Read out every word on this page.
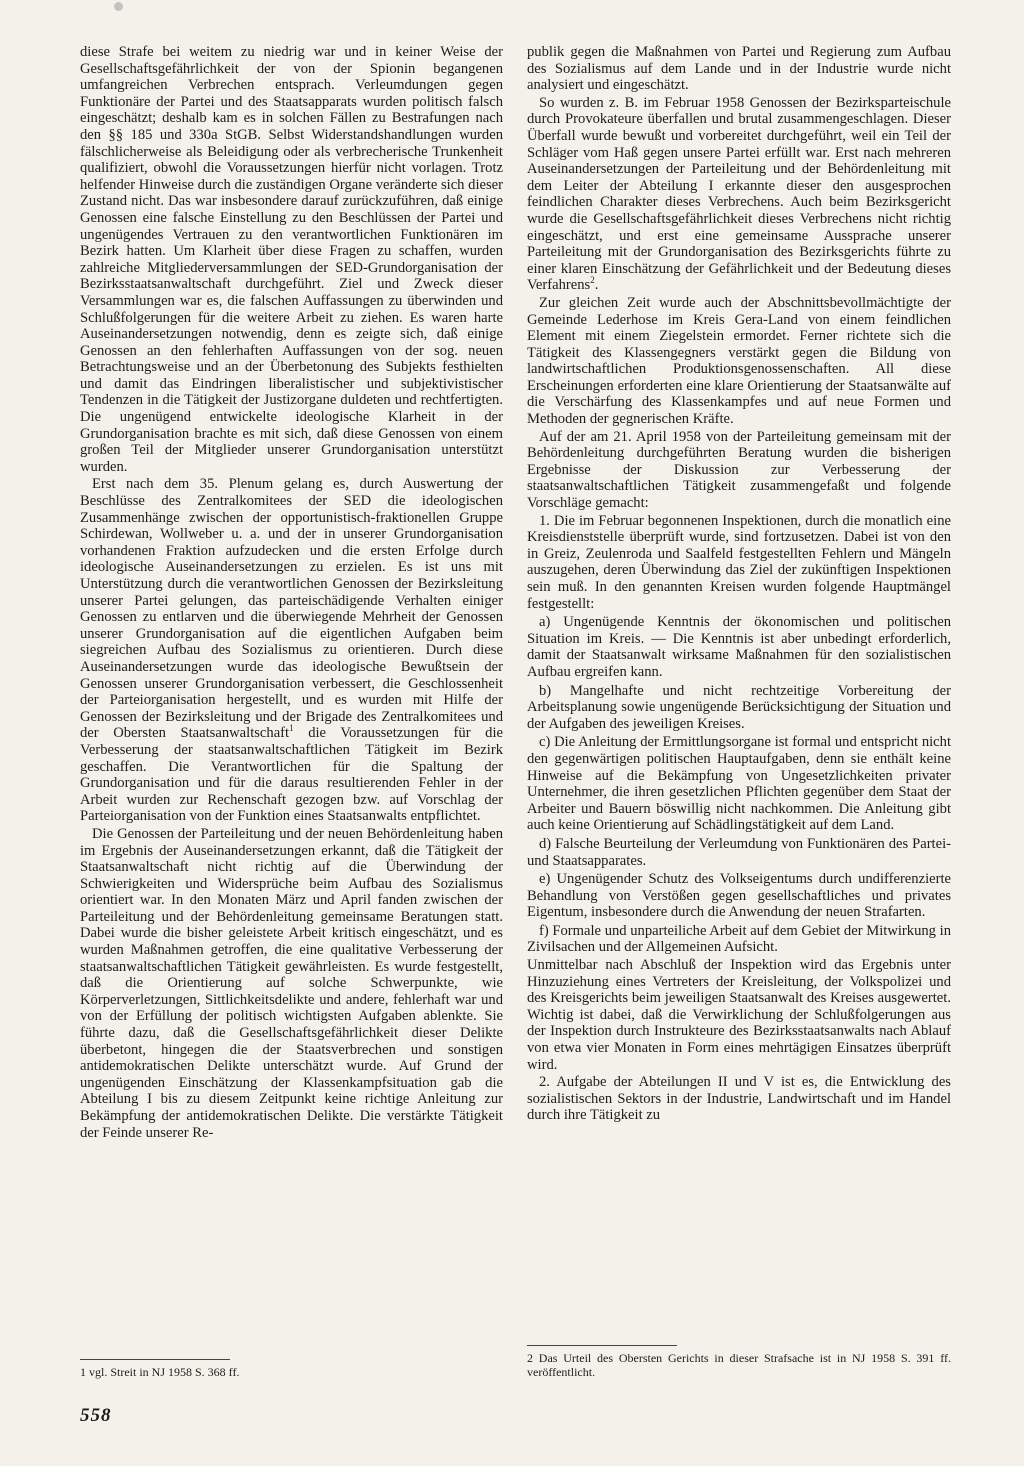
diese Strafe bei weitem zu niedrig war und in keiner Weise der Gesellschaftsgefährlichkeit der von der Spionin begangenen umfangreichen Verbrechen entsprach. Verleumdungen gegen Funktionäre der Partei und des Staatsapparats wurden politisch falsch eingeschätzt; deshalb kam es in solchen Fällen zu Bestrafungen nach den §§ 185 und 330a StGB. Selbst Widerstandshandlungen wurden fälschlicherweise als Beleidigung oder als verbrecherische Trunkenheit qualifiziert, obwohl die Voraussetzungen hierfür nicht vorlagen. Trotz helfender Hinweise durch die zuständigen Organe veränderte sich dieser Zustand nicht. Das war insbesondere darauf zurückzuführen, daß einige Genossen eine falsche Einstellung zu den Beschlüssen der Partei und ungenügendes Vertrauen zu den verantwortlichen Funktionären im Bezirk hatten. Um Klarheit über diese Fragen zu schaffen, wurden zahlreiche Mitgliederversammlungen der SED-Grundorganisation der Bezirksstaatsanwaltschaft durchgeführt. Ziel und Zweck dieser Versammlungen war es, die falschen Auffassungen zu überwinden und Schlußfolgerungen für die weitere Arbeit zu ziehen. Es waren harte Auseinandersetzungen notwendig, denn es zeigte sich, daß einige Genossen an den fehlerhaften Auffassungen von der sog. neuen Betrachtungsweise und an der Überbetonung des Subjekts festhielten und damit das Eindringen liberalistischer und subjektivistischer Tendenzen in die Tätigkeit der Justizorgane duldeten und rechtfertigten. Die ungenügend entwickelte ideologische Klarheit in der Grundorganisation brachte es mit sich, daß diese Genossen von einem großen Teil der Mitglieder unserer Grundorganisation unterstützt wurden.

Erst nach dem 35. Plenum gelang es, durch Auswertung der Beschlüsse des Zentralkomitees der SED die ideologischen Zusammenhänge zwischen der opportunistisch-fraktionellen Gruppe Schirdewan, Wollweber u. a. und der in unserer Grundorganisation vorhandenen Fraktion aufzudecken und die ersten Erfolge durch ideologische Auseinandersetzungen zu erzielen. Es ist uns mit Unterstützung durch die verantwortlichen Genossen der Bezirksleitung unserer Partei gelungen, das parteischädigende Verhalten einiger Genossen zu entlarven und die überwiegende Mehrheit der Genossen unserer Grundorganisation auf die eigentlichen Aufgaben beim siegreichen Aufbau des Sozialismus zu orientieren. Durch diese Auseinandersetzungen wurde das ideologische Bewußtsein der Genossen unserer Grundorganisation verbessert, die Geschlossenheit der Parteiorganisation hergestellt, und es wurden mit Hilfe der Genossen der Bezirksleitung und der Brigade des Zentralkomitees und der Obersten Staatsanwaltschaft$^1$ die Voraussetzungen für die Verbesserung der staatsanwaltschaftlichen Tätigkeit im Bezirk geschaffen. Die Verantwortlichen für die Spaltung der Grundorganisation und für die daraus resultierenden Fehler in der Arbeit wurden zur Rechenschaft gezogen bzw. auf Vorschlag der Parteiorganisation von der Funktion eines Staatsanwalts entpflichtet.

Die Genossen der Parteileitung und der neuen Behördenleitung haben im Ergebnis der Auseinandersetzungen erkannt, daß die Tätigkeit der Staatsanwaltschaft nicht richtig auf die Überwindung der Schwierigkeiten und Widersprüche beim Aufbau des Sozialismus orientiert war. In den Monaten März und April fanden zwischen der Parteileitung und der Behördenleitung gemeinsame Beratungen statt. Dabei wurde die bisher geleistete Arbeit kritisch eingeschätzt, und es wurden Maßnahmen getroffen, die eine qualitative Verbesserung der staatsanwaltschaftlichen Tätigkeit gewährleisten. Es wurde festgestellt, daß die Orientierung auf solche Schwerpunkte, wie Körperverletzungen, Sittlichkeitsdelikte und andere, fehlerhaft war und von der Erfüllung der politisch wichtigsten Aufgaben ablenkte. Sie führte dazu, daß die Gesellschaftsgefährlichkeit dieser Delikte überbetont, hingegen die der Staatsverbrechen und sonstigen antidemokratischen Delikte unterschätzt wurde. Auf Grund der ungenügenden Einschätzung der Klassenkampfsituation gab die Abteilung I bis zu diesem Zeitpunkt keine richtige Anleitung zur Bekämpfung der antidemokratischen Delikte. Die verstärkte Tätigkeit der Feinde unserer Re-

publik gegen die Maßnahmen von Partei und Regierung zum Aufbau des Sozialismus auf dem Lande und in der Industrie wurde nicht analysiert und eingeschätzt.

So wurden z. B. im Februar 1958 Genossen der Bezirksparteischule durch Provokateure überfallen und brutal zusammengeschlagen. Dieser Überfall wurde bewußt und vorbereitet durchgeführt, weil ein Teil der Schläger vom Haß gegen unsere Partei erfüllt war. Erst nach mehreren Auseinandersetzungen der Parteileitung und der Behördenleitung mit dem Leiter der Abteilung I erkannte dieser den ausgesprochen feindlichen Charakter dieses Verbrechens. Auch beim Bezirksgericht wurde die Gesellschaftsgefährlichkeit dieses Verbrechens nicht richtig eingeschätzt, und erst eine gemeinsame Aussprache unserer Parteileitung mit der Grundorganisation des Bezirksgerichts führte zu einer klaren Einschätzung der Gefährlichkeit und der Bedeutung dieses Verfahrens$^2$.

Zur gleichen Zeit wurde auch der Abschnittsbevollmächtigte der Gemeinde Lederhose im Kreis Gera-Land von einem feindlichen Element mit einem Ziegelstein ermordet. Ferner richtete sich die Tätigkeit des Klassengegners verstärkt gegen die Bildung von landwirtschaftlichen Produktionsgenossenschaften. All diese Erscheinungen erforderten eine klare Orientierung der Staatsanwälte auf die Verschärfung des Klassenkampfes und auf neue Formen und Methoden der gegnerischen Kräfte.

Auf der am 21. April 1958 von der Parteileitung gemeinsam mit der Behördenleitung durchgeführten Beratung wurden die bisherigen Ergebnisse der Diskussion zur Verbesserung der staatsanwaltschaftlichen Tätigkeit zusammengefaßt und folgende Vorschläge gemacht:

1. Die im Februar begonnenen Inspektionen, durch die monatlich eine Kreisdienststelle überprüft wurde, sind fortzusetzen. Dabei ist von den in Greiz, Zeulenroda und Saalfeld festgestellten Fehlern und Mängeln auszugehen, deren Überwindung das Ziel der zukünftigen Inspektionen sein muß. In den genannten Kreisen wurden folgende Hauptmängel festgestellt:

a) Ungenügende Kenntnis der ökonomischen und politischen Situation im Kreis. — Die Kenntnis ist aber unbedingt erforderlich, damit der Staatsanwalt wirksame Maßnahmen für den sozialistischen Aufbau ergreifen kann.

b) Mangelhafte und nicht rechtzeitige Vorbereitung der Arbeitsplanung sowie ungenügende Berücksichtigung der Situation und der Aufgaben des jeweiligen Kreises.

c) Die Anleitung der Ermittlungsorgane ist formal und entspricht nicht den gegenwärtigen politischen Hauptaufgaben, denn sie enthält keine Hinweise auf die Bekämpfung von Ungesetzlichkeiten privater Unternehmer, die ihren gesetzlichen Pflichten gegenüber dem Staat der Arbeiter und Bauern böswillig nicht nachkommen. Die Anleitung gibt auch keine Orientierung auf Schädlingstätigkeit auf dem Land.

d) Falsche Beurteilung der Verleumdung von Funktionären des Partei- und Staatsapparates.

e) Ungenügender Schutz des Volkseigentums durch undifferenzierte Behandlung von Verstößen gegen gesellschaftliches und privates Eigentum, insbesondere durch die Anwendung der neuen Strafarten.

f) Formale und unparteiliche Arbeit auf dem Gebiet der Mitwirkung in Zivilsachen und der Allgemeinen Aufsicht.

Unmittelbar nach Abschluß der Inspektion wird das Ergebnis unter Hinzuziehung eines Vertreters der Kreisleitung, der Volkspolizei und des Kreisgerichts beim jeweiligen Staatsanwalt des Kreises ausgewertet. Wichtig ist dabei, daß die Verwirklichung der Schlußfolgerungen aus der Inspektion durch Instrukteure des Bezirksstaatsanwalts nach Ablauf von etwa vier Monaten in Form eines mehrtägigen Einsatzes überprüft wird.

2. Aufgabe der Abteilungen II und V ist es, die Entwicklung des sozialistischen Sektors in der Industrie, Landwirtschaft und im Handel durch ihre Tätigkeit zu

1 vgl. Streit in NJ 1958 S. 368 ff.
2 Das Urteil des Obersten Gerichts in dieser Strafsache ist in NJ 1958 S. 391 ff. veröffentlicht.
558
